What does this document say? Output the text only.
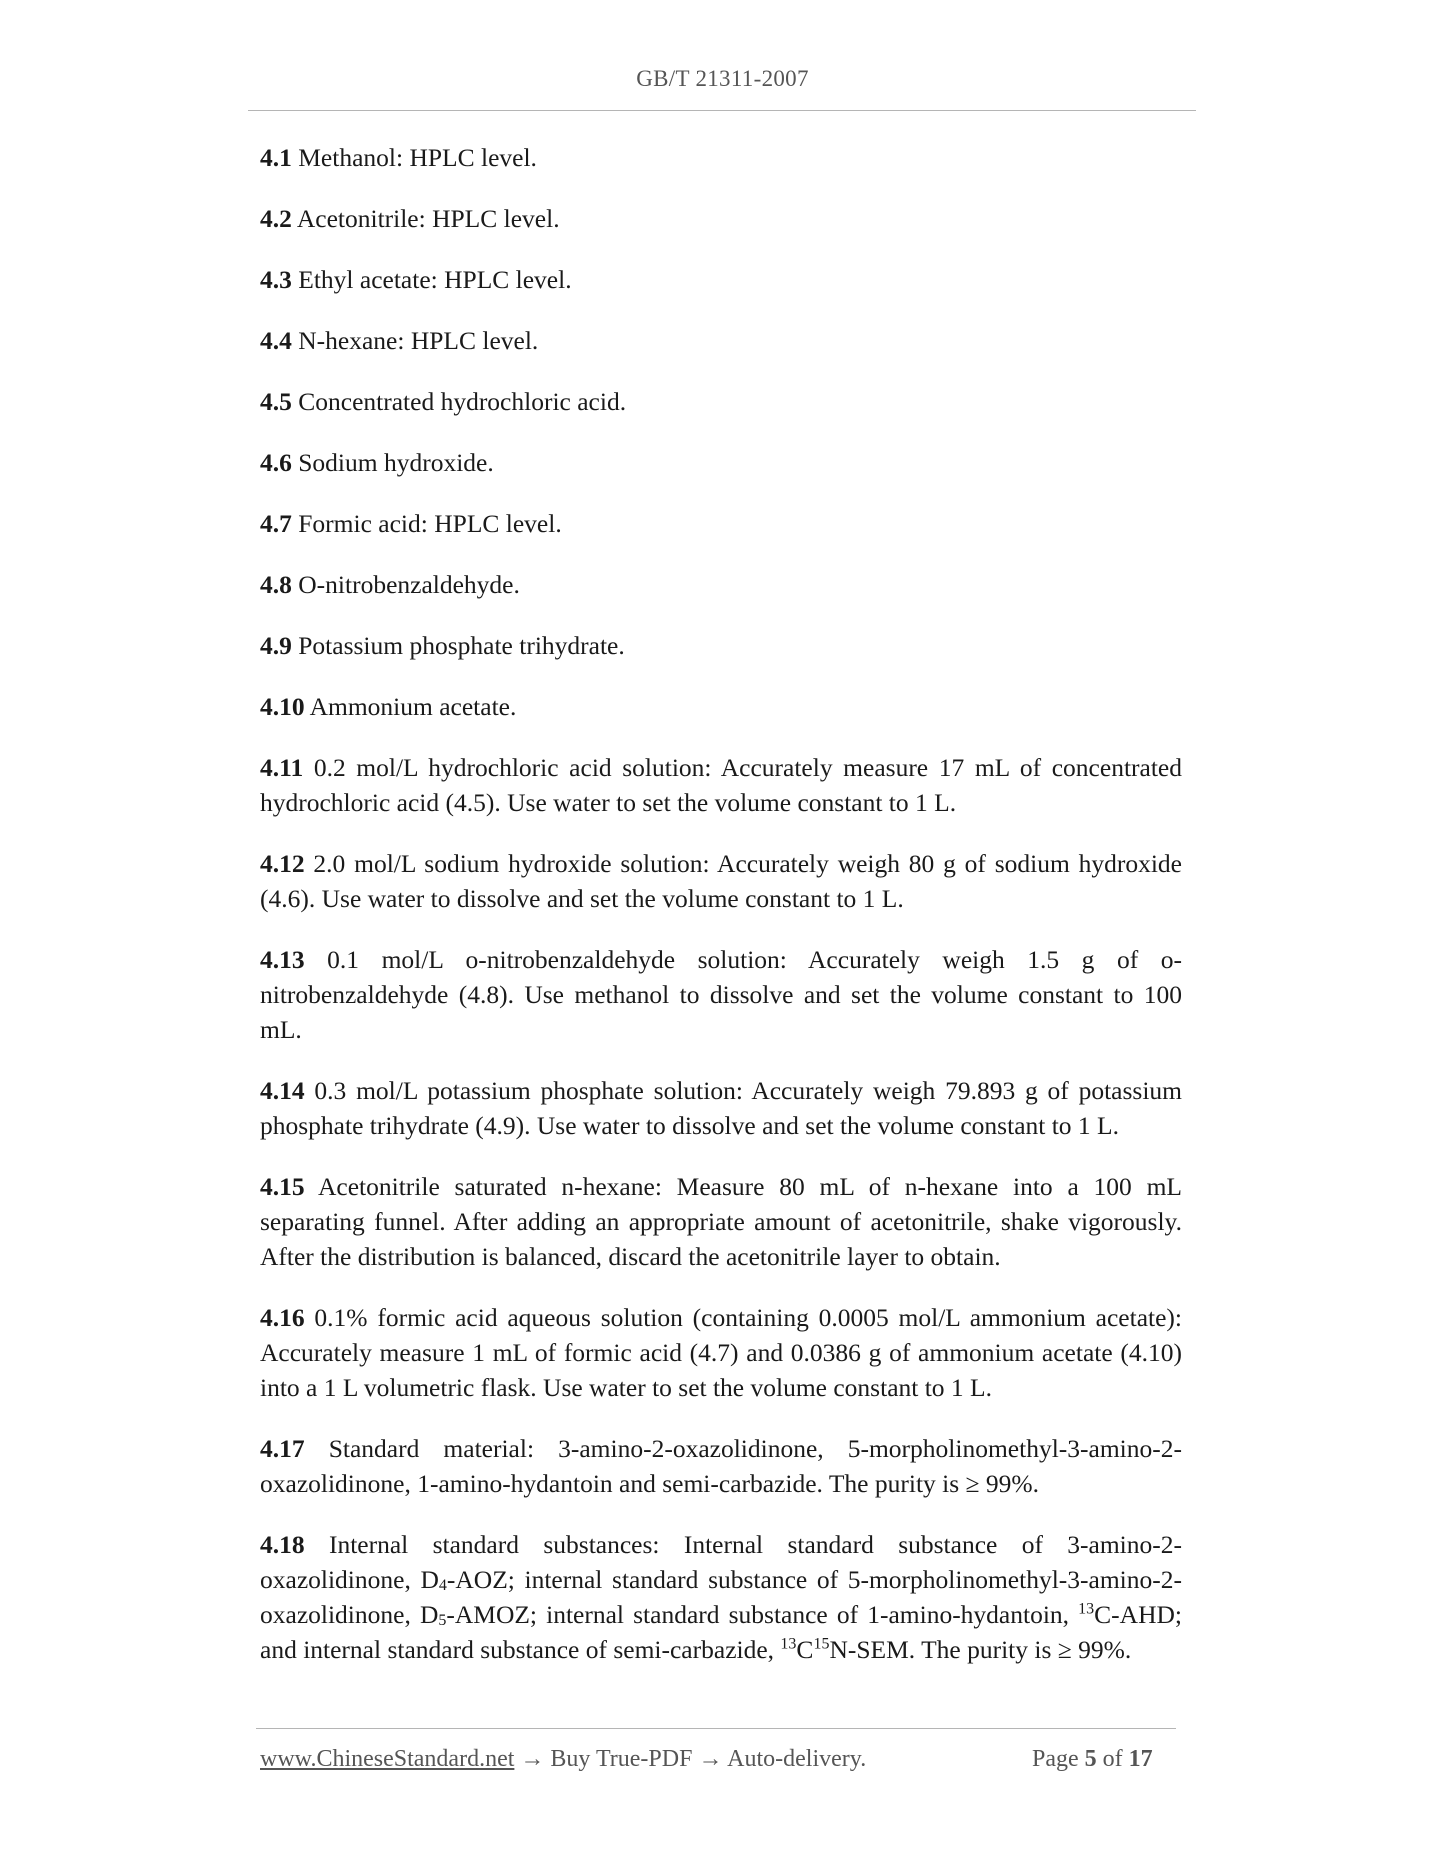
GB/T 21311-2007

4.1 Methanol: HPLC level.

4.2 Acetonitrile: HPLC level.

4.3 Ethyl acetate: HPLC level.

4.4 N-hexane: HPLC level.

4.5 Concentrated hydrochloric acid.

4.6 Sodium hydroxide.

4.7 Formic acid: HPLC level.

4.8 O-nitrobenzaldehyde.

4.9 Potassium phosphate trihydrate.

4.10 Ammonium acetate.

4.11 0.2 mol/L hydrochloric acid solution: Accurately measure 17 mL of concentrated hydrochloric acid (4.5). Use water to set the volume constant to 1 L.

4.12 2.0 mol/L sodium hydroxide solution: Accurately weigh 80 g of sodium hydroxide (4.6). Use water to dissolve and set the volume constant to 1 L.

4.13 0.1 mol/L o-nitrobenzaldehyde solution: Accurately weigh 1.5 g of o-nitrobenzaldehyde (4.8). Use methanol to dissolve and set the volume constant to 100 mL.

4.14 0.3 mol/L potassium phosphate solution: Accurately weigh 79.893 g of potassium phosphate trihydrate (4.9). Use water to dissolve and set the volume constant to 1 L.

4.15 Acetonitrile saturated n-hexane: Measure 80 mL of n-hexane into a 100 mL separating funnel. After adding an appropriate amount of acetonitrile, shake vigorously. After the distribution is balanced, discard the acetonitrile layer to obtain.

4.16 0.1% formic acid aqueous solution (containing 0.0005 mol/L ammonium acetate): Accurately measure 1 mL of formic acid (4.7) and 0.0386 g of ammonium acetate (4.10) into a 1 L volumetric flask. Use water to set the volume constant to 1 L.

4.17 Standard material: 3-amino-2-oxazolidinone, 5-morpholinomethyl-3-amino-2-oxazolidinone, 1-amino-hydantoin and semi-carbazide. The purity is ≥ 99%.

4.18 Internal standard substances: Internal standard substance of 3-amino-2-oxazolidinone, $D_4$-AOZ; internal standard substance of 5-morpholinomethyl-3-amino-2-oxazolidinone, $D_5$-AMOZ; internal standard substance of 1-amino-hydantoin, $^{13}$C-AHD; and internal standard substance of semi-carbazide, $^{13}C^{15}N$-SEM. The purity is ≥ 99%.

www.ChineseStandard.net → Buy True-PDF → Auto-delivery.	Page 5 of 17
